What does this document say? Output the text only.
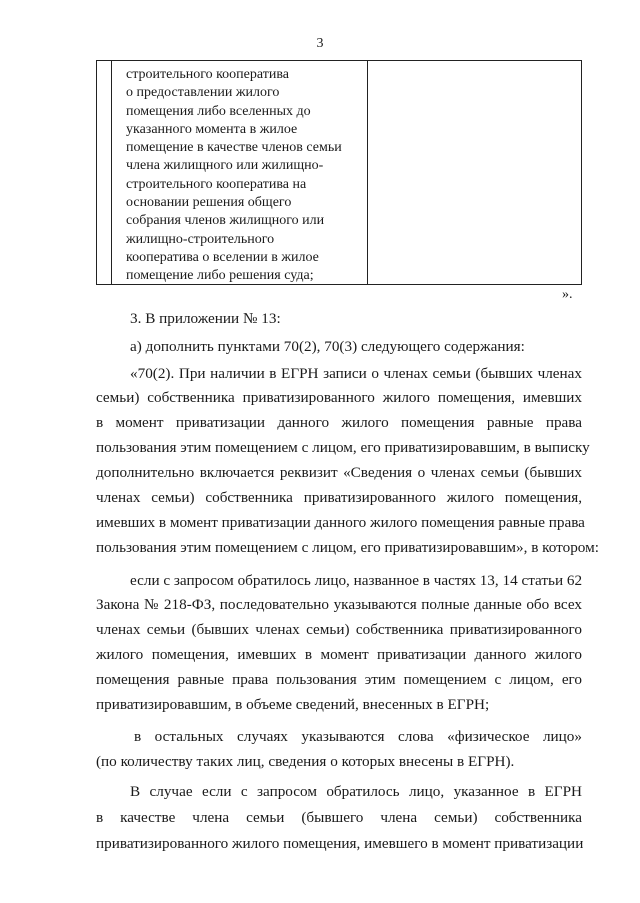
3
строительного кооператива
о предоставлении жилого
помещения либо вселенных до
указанного момента в жилое
помещение в качестве членов семьи
члена жилищного или жилищно-
строительного кооператива на
основании решения общего
собрания членов жилищного или
жилищно-строительного
кооператива о вселении в жилое
помещение либо решения суда;
».
3. В приложении № 13:
а) дополнить пунктами 70(2), 70(3) следующего содержания:
«70(2). При наличии в ЕГРН записи о членах семьи (бывших членах
семьи) собственника приватизированного жилого помещения, имевших
в момент приватизации данного жилого помещения равные права
пользования этим помещением с лицом, его приватизировавшим, в выписку
дополнительно включается реквизит «Сведения о членах семьи (бывших
членах семьи) собственника приватизированного жилого помещения,
имевших в момент приватизации данного жилого помещения равные права
пользования этим помещением с лицом, его приватизировавшим», в котором:
если с запросом обратилось лицо, названное в частях 13, 14 статьи 62
Закона № 218-ФЗ, последовательно указываются полные данные обо всех
членах семьи (бывших членах семьи) собственника приватизированного
жилого помещения, имевших в момент приватизации данного жилого
помещения равные права пользования этим помещением с лицом, его
приватизировавшим, в объеме сведений, внесенных в ЕГРН;
в остальных случаях указываются слова «физическое лицо»
(по количеству таких лиц, сведения о которых внесены в ЕГРН).
В случае если с запросом обратилось лицо, указанное в ЕГРН
в качестве члена семьи (бывшего члена семьи) собственника
приватизированного жилого помещения, имевшего в момент приватизации
